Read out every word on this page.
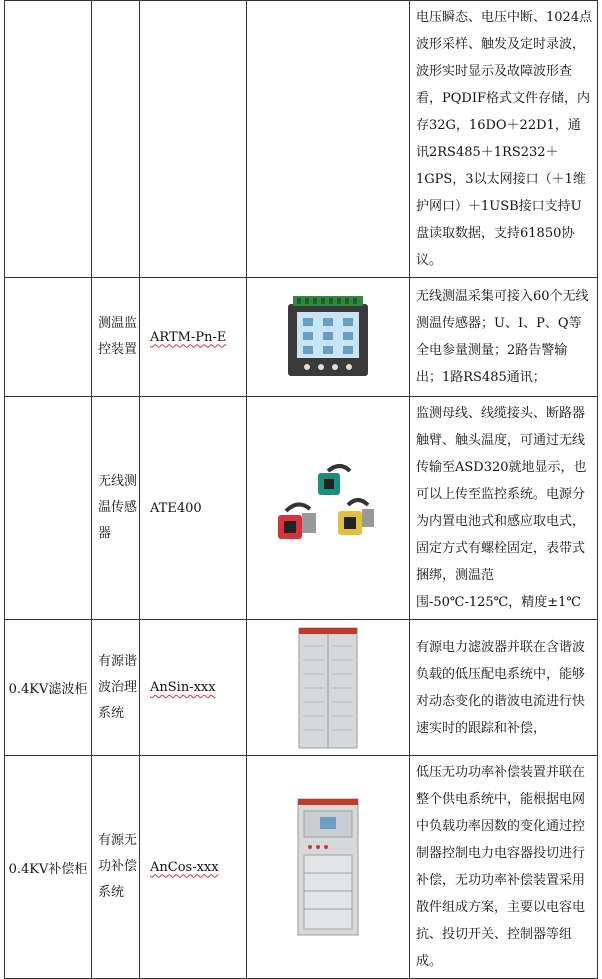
				电压瞬态、电压中断、1024点波形采样、触发及定时录波，波形实时显示及故障波形查看，PQDIF格式文件存储，内存32G，16DO＋22D1，通讯2RS485＋1RS232＋1GPS，3以太网接口（＋1维护网口）＋1USB接口支持U盘读取数据，支持61850协议。
	测温监控装置	ARTM-Pn-E		无线测温采集可接入60个无线测温传感器；U、I、P、Q等全电参量测量；2路告警输出；1路RS485通讯；
	无线测温传感器	ATE400		监测母线、线缆接头、断路器触臂、触头温度，可通过无线传输至ASD320就地显示，也可以上传至监控系统。电源分为内置电池式和感应取电式，固定方式有螺栓固定，表带式捆绑，测温范围-50℃-125℃，精度±1℃
0.4KV滤波柜	有源谐波治理系统	AnSin-xxx		有源电力滤波器并联在含谐波负载的低压配电系统中，能够对动态变化的谐波电流进行快速实时的跟踪和补偿，
0.4KV补偿柜	有源无功补偿系统	AnCos-xxx		低压无功功率补偿装置并联在整个供电系统中，能根据电网中负载功率因数的变化通过控制器控制电力电容器投切进行补偿，无功功率补偿装置采用散件组成方案，主要以电容电抗、投切开关、控制器等组成。
